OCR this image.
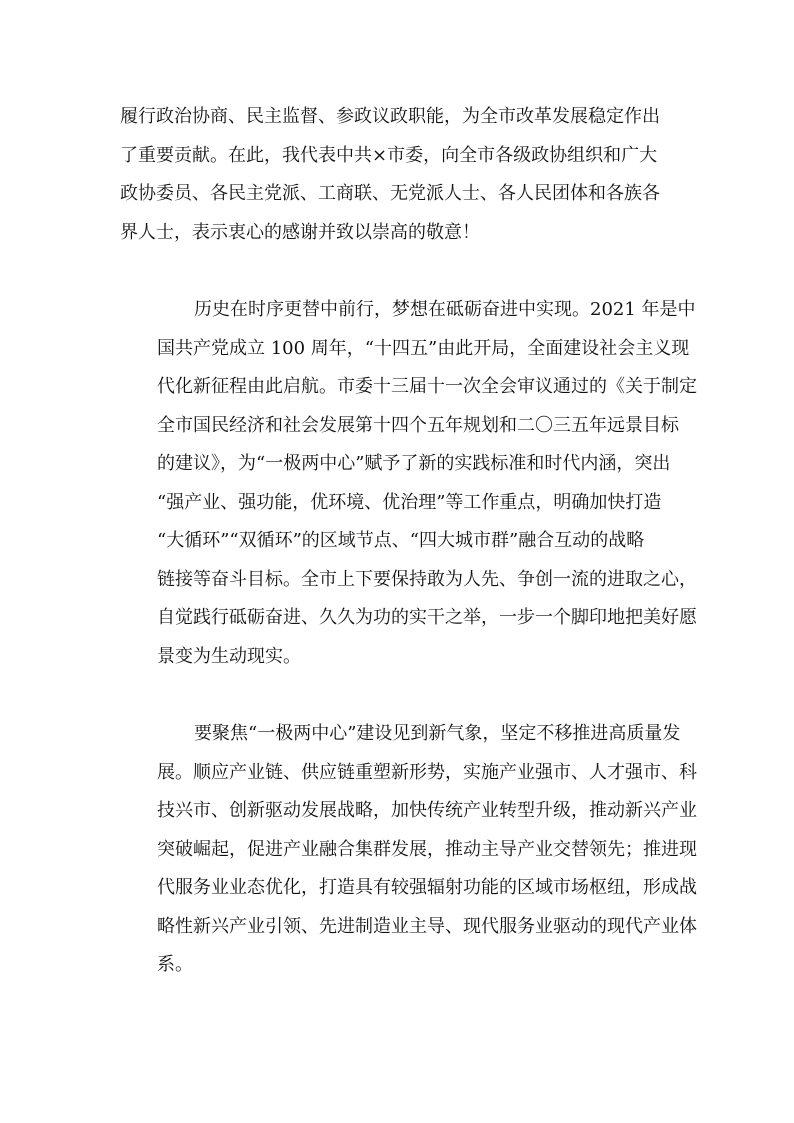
履行政治协商、民主监督、参政议政职能，为全市改革发展稳定作出
了重要贡献。在此，我代表中共×市委，向全市各级政协组织和广大
政协委员、各民主党派、工商联、无党派人士、各人民团体和各族各
界人士，表示衷心的感谢并致以崇高的敬意！

历史在时序更替中前行，梦想在砥砺奋进中实现。2021 年是中
国共产党成立 100 周年，“十四五”由此开局，全面建设社会主义现
代化新征程由此启航。市委十三届十一次全会审议通过的《关于制定
全市国民经济和社会发展第十四个五年规划和二〇三五年远景目标
的建议》，为“一极两中心”赋予了新的实践标准和时代内涵，突出
“强产业、强功能，优环境、优治理”等工作重点，明确加快打造
“大循环”“双循环”的区域节点、“四大城市群”融合互动的战略
链接等奋斗目标。全市上下要保持敢为人先、争创一流的进取之心，
自觉践行砥砺奋进、久久为功的实干之举，一步一个脚印地把美好愿
景变为生动现实。

要聚焦“一极两中心”建设见到新气象，坚定不移推进高质量发
展。顺应产业链、供应链重塑新形势，实施产业强市、人才强市、科
技兴市、创新驱动发展战略，加快传统产业转型升级，推动新兴产业
突破崛起，促进产业融合集群发展，推动主导产业交替领先；推进现
代服务业业态优化，打造具有较强辐射功能的区域市场枢纽，形成战
略性新兴产业引领、先进制造业主导、现代服务业驱动的现代产业体
系。
